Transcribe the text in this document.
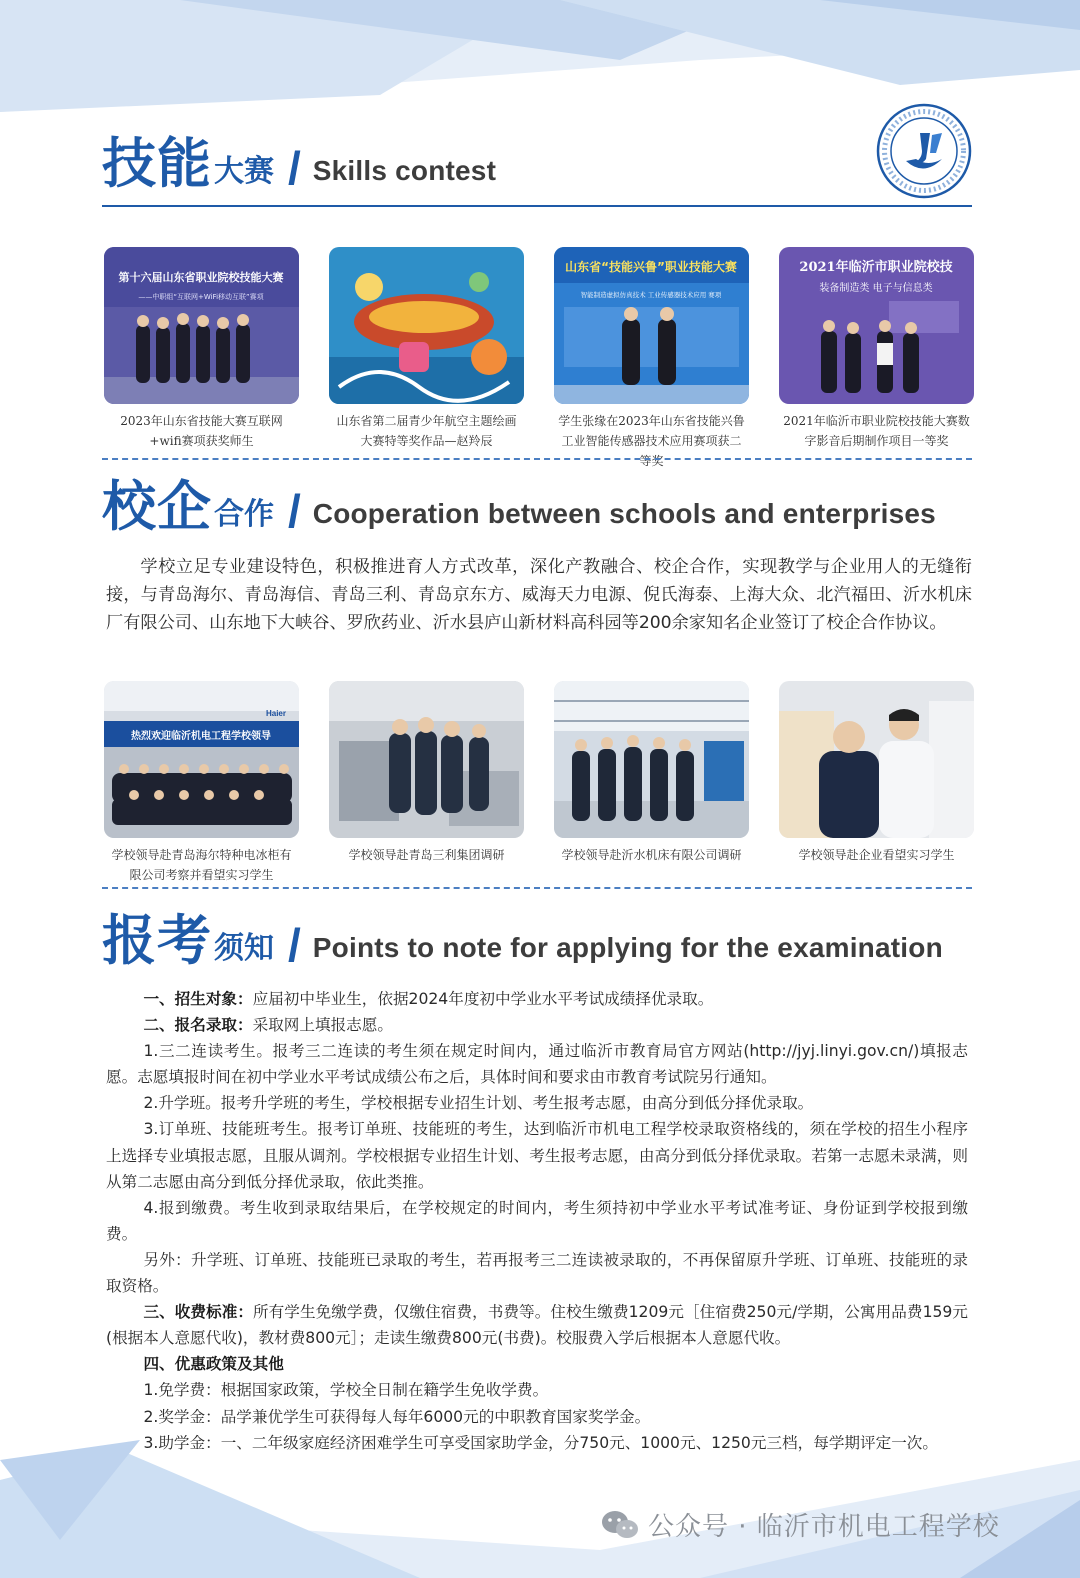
技能 大赛 / Skills contest
第十六届山东省职业院校技能大赛
——中职组“互联网+WiFi移动互联”赛项
2023年山东省技能大赛互联网+wifi赛项获奖师生
山东省第二届青少年航空主题绘画大赛特等奖作品—赵羚辰
山东省“技能兴鲁”职业技能大赛
智能制造虚拟仿真技术 工业传感器技术应用 赛项
学生张缘在2023年山东省技能兴鲁工业智能传感器技术应用赛项获二等奖
2021年临沂市职业院校技
装备制造类 电子与信息类
2021年临沂市职业院校技能大赛数字影音后期制作项目一等奖
校企 合作 / Cooperation between schools and enterprises

学校立足专业建设特色，积极推进育人方式改革，深化产教融合、校企合作，实现教学与企业用人的无缝衔接，与青岛海尔、青岛海信、青岛三利、青岛京东方、威海天力电源、倪氏海泰、上海大众、北汽福田、沂水机床厂有限公司、山东地下大峡谷、罗欣药业、沂水县庐山新材料高科园等200余家知名企业签订了校企合作协议。

热烈欢迎临沂机电工程学校领导
Haier
学校领导赴青岛海尔特种电冰柜有限公司考察并看望实习学生
学校领导赴青岛三利集团调研	学校领导赴沂水机床有限公司调研	学校领导赴企业看望实习学生
报考 须知 / Points to note for applying for the examination

一、招生对象：应届初中毕业生，依据2024年度初中学业水平考试成绩择优录取。

二、报名录取：采取网上填报志愿。

1.三二连读考生。报考三二连读的考生须在规定时间内，通过临沂市教育局官方网站(http://jyj.linyi.gov.cn/)填报志愿。志愿填报时间在初中学业水平考试成绩公布之后，具体时间和要求由市教育考试院另行通知。

2.升学班。报考升学班的考生，学校根据专业招生计划、考生报考志愿，由高分到低分择优录取。

3.订单班、技能班考生。报考订单班、技能班的考生，达到临沂市机电工程学校录取资格线的，须在学校的招生小程序上选择专业填报志愿，且服从调剂。学校根据专业招生计划、考生报考志愿，由高分到低分择优录取。若第一志愿未录满，则从第二志愿由高分到低分择优录取，依此类推。

4.报到缴费。考生收到录取结果后，在学校规定的时间内，考生须持初中学业水平考试准考证、身份证到学校报到缴费。

另外：升学班、订单班、技能班已录取的考生，若再报考三二连读被录取的，不再保留原升学班、订单班、技能班的录取资格。

三、收费标准：所有学生免缴学费，仅缴住宿费，书费等。住校生缴费1209元［住宿费250元/学期，公寓用品费159元(根据本人意愿代收)，教材费800元］；走读生缴费800元(书费)。校服费入学后根据本人意愿代收。

四、优惠政策及其他

1.免学费：根据国家政策，学校全日制在籍学生免收学费。

2.奖学金：品学兼优学生可获得每人每年6000元的中职教育国家奖学金。

3.助学金：一、二年级家庭经济困难学生可享受国家助学金，分750元、1000元、1250元三档，每学期评定一次。

公众号 · 临沂市机电工程学校
